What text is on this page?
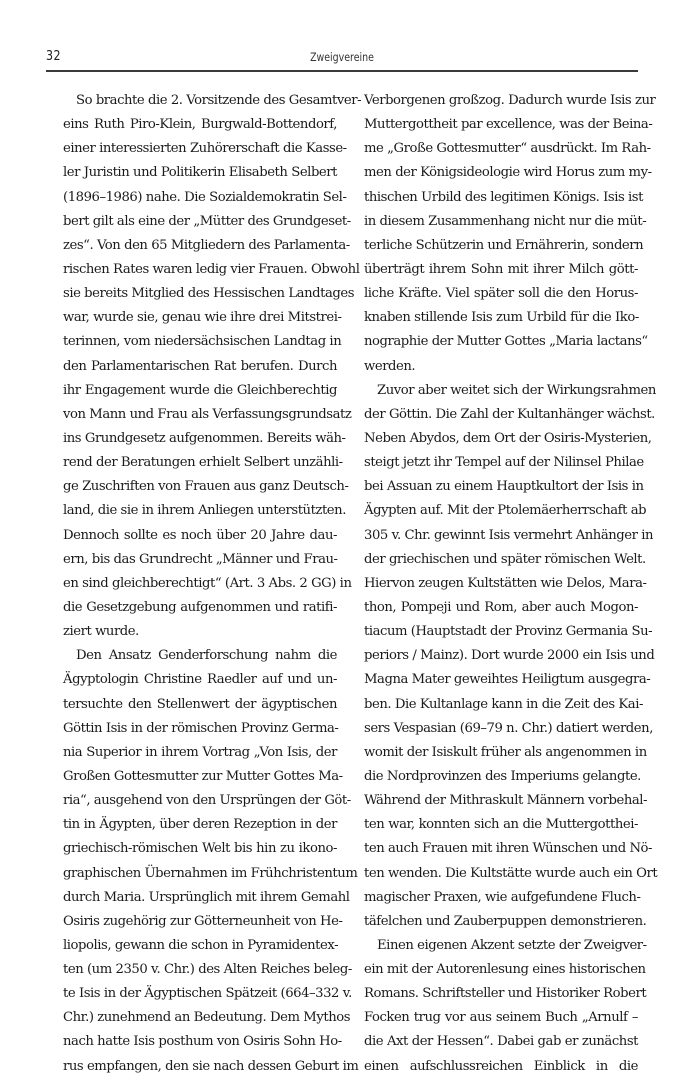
32	Zweigvereine
So brachte die 2. Vorsitzende des Gesamtver-
eins Ruth Piro-Klein, Burgwald-Bottendorf,
einer interessierten Zuhörerschaft die Kasse-
ler Juristin und Politikerin Elisabeth Selbert
(1896–1986) nahe. Die Sozialdemokratin Sel-
bert gilt als eine der „Mütter des Grundgeset-
zes“. Von den 65 Mitgliedern des Parlamenta-
rischen Rates waren ledig vier Frauen. Obwohl
sie bereits Mitglied des Hessischen Landtages
war, wurde sie, genau wie ihre drei Mitstrei-
terinnen, vom niedersächsischen Landtag in
den Parlamentarischen Rat berufen. Durch
ihr Engagement wurde die Gleichberechtig
von Mann und Frau als Verfassungsgrundsatz
ins Grundgesetz aufgenommen. Bereits wäh-
rend der Beratungen erhielt Selbert unzähli-
ge Zuschriften von Frauen aus ganz Deutsch-
land, die sie in ihrem Anliegen unterstützten.
Dennoch sollte es noch über 20 Jahre dau-
ern, bis das Grundrecht „Männer und Frau-
en sind gleichberechtigt“ (Art. 3 Abs. 2 GG) in
die Gesetzgebung aufgenommen und ratifi-
ziert wurde.
Den Ansatz Genderforschung nahm die
Ägyptologin Christine Raedler auf und un-
tersuchte den Stellenwert der ägyptischen
Göttin Isis in der römischen Provinz Germa-
nia Superior in ihrem Vortrag „Von Isis, der
Großen Gottesmutter zur Mutter Gottes Ma-
ria“, ausgehend von den Ursprüngen der Göt-
tin in Ägypten, über deren Rezeption in der
griechisch-römischen Welt bis hin zu ikono-
graphischen Übernahmen im Frühchristentum
durch Maria. Ursprünglich mit ihrem Gemahl
Osiris zugehörig zur Götterneunheit von He-
liopolis, gewann die schon in Pyramidentex-
ten (um 2350 v. Chr.) des Alten Reiches beleg-
te Isis in der Ägyptischen Spätzeit (664–332 v.
Chr.) zunehmend an Bedeutung. Dem Mythos
nach hatte Isis posthum von Osiris Sohn Ho-
rus empfangen, den sie nach dessen Geburt im
Verborgenen großzog. Dadurch wurde Isis zur
Muttergottheit par excellence, was der Beina-
me „Große Gottesmutter“ ausdrückt. Im Rah-
men der Königsideologie wird Horus zum my-
thischen Urbild des legitimen Königs. Isis ist
in diesem Zusammenhang nicht nur die müt-
terliche Schützerin und Ernährerin, sondern
überträgt ihrem Sohn mit ihrer Milch gött-
liche Kräfte. Viel später soll die den Horus-
knaben stillende Isis zum Urbild für die Iko-
nographie der Mutter Gottes „Maria lactans“
werden.
Zuvor aber weitet sich der Wirkungsrahmen
der Göttin. Die Zahl der Kultanhänger wächst.
Neben Abydos, dem Ort der Osiris-Mysterien,
steigt jetzt ihr Tempel auf der Nilinsel Philae
bei Assuan zu einem Hauptkultort der Isis in
Ägypten auf. Mit der Ptolemäerherrschaft ab
305 v. Chr. gewinnt Isis vermehrt Anhänger in
der griechischen und später römischen Welt.
Hiervon zeugen Kultstätten wie Delos, Mara-
thon, Pompeji und Rom, aber auch Mogon-
tiacum (Hauptstadt der Provinz Germania Su-
periors / Mainz). Dort wurde 2000 ein Isis und
Magna Mater geweihtes Heiligtum ausgegra-
ben. Die Kultanlage kann in die Zeit des Kai-
sers Vespasian (69–79 n. Chr.) datiert werden,
womit der Isiskult früher als angenommen in
die Nordprovinzen des Imperiums gelangte.
Während der Mithraskult Männern vorbehal-
ten war, konnten sich an die Muttergotthei-
ten auch Frauen mit ihren Wünschen und Nö-
ten wenden. Die Kultstätte wurde auch ein Ort
magischer Praxen, wie aufgefundene Fluch-
täfelchen und Zauberpuppen demonstrieren.
Einen eigenen Akzent setzte der Zweigver-
ein mit der Autorenlesung eines historischen
Romans. Schriftsteller und Historiker Robert
Focken trug vor aus seinem Buch „Arnulf –
die Axt der Hessen“. Dabei gab er zunächst
einen aufschlussreichen Einblick in die
